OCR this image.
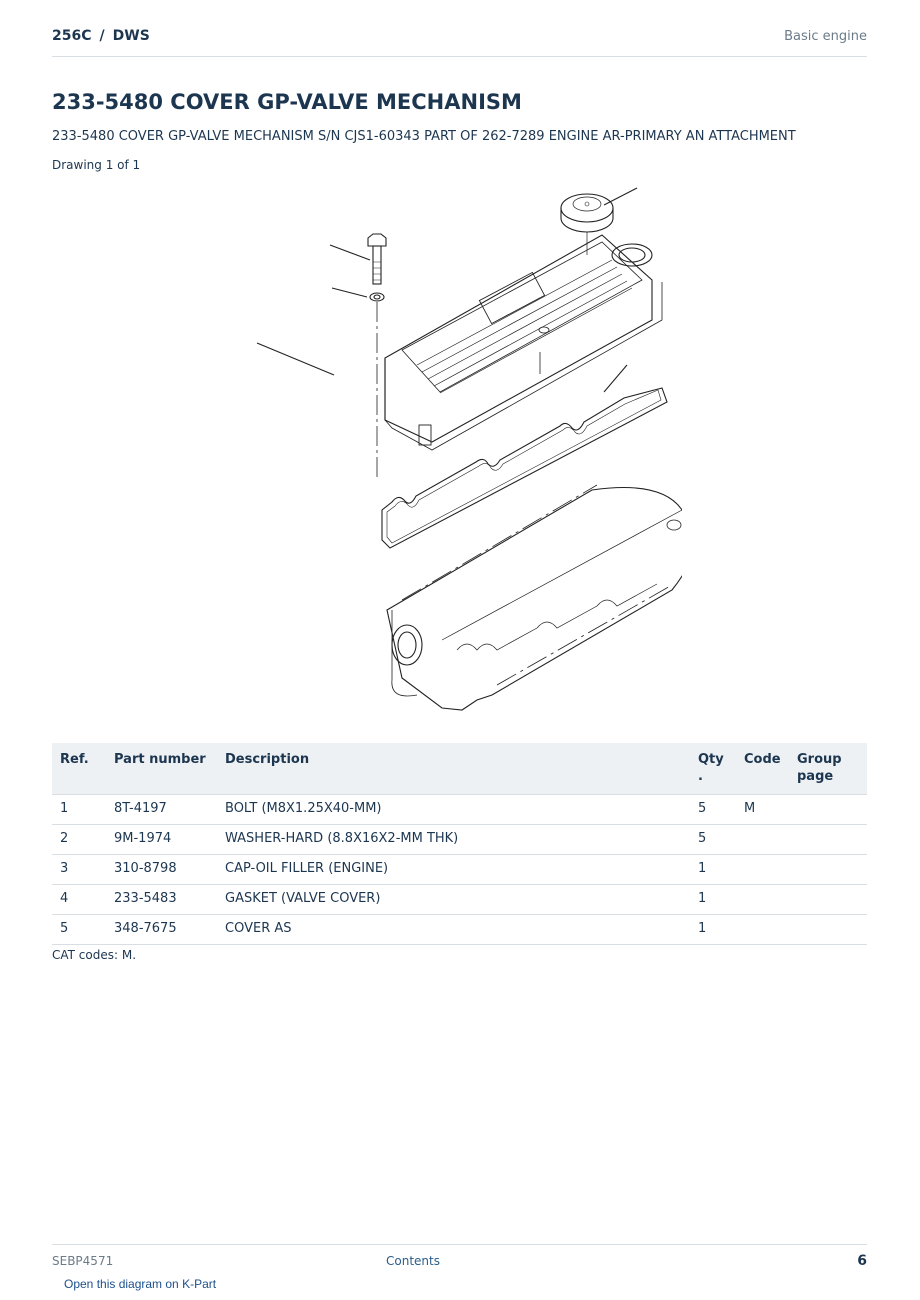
256C / DWS	Basic engine
233-5480 COVER GP-VALVE MECHANISM
233-5480 COVER GP-VALVE MECHANISM S/N CJS1-60343 PART OF 262-7289 ENGINE AR-PRIMARY AN ATTACHMENT
Drawing 1 of 1
Ref.	Part number	Description	Qty .	Code	Group page
1	8T-4197	BOLT (M8X1.25X40-MM)	5	M	
2	9M-1974	WASHER-HARD (8.8X16X2-MM THK)	5		
3	310-8798	CAP-OIL FILLER (ENGINE)	1		
4	233-5483	GASKET (VALVE COVER)	1		
5	348-7675	COVER AS	1		
CAT codes: M.
SEBP4571	Contents	6
Open this diagram on K-Part
